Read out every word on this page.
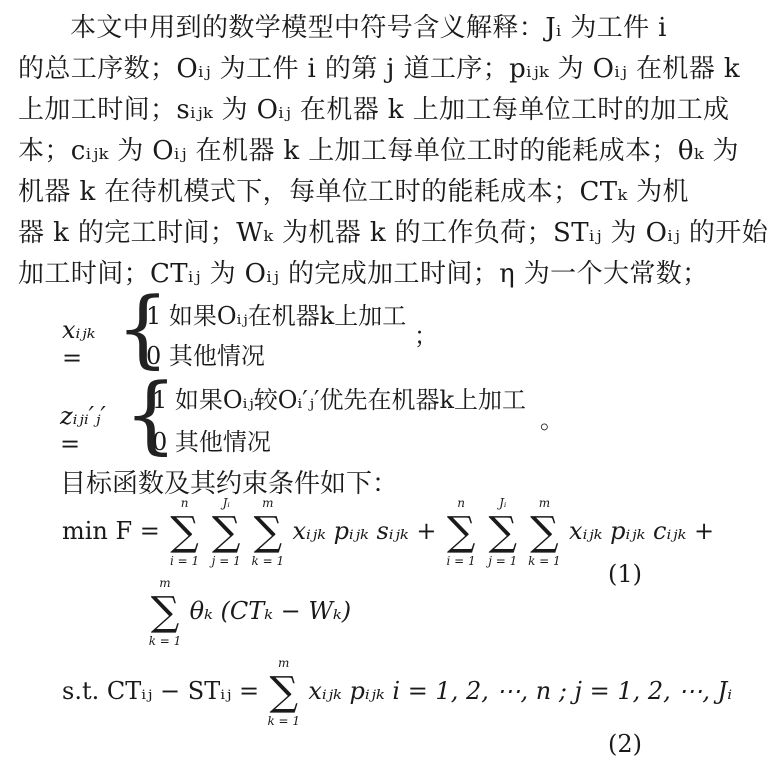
本文中用到的数学模型中符号含义解释：Jᵢ 为工件 i
的总工序数；Oᵢⱼ 为工件 i 的第 j 道工序；pᵢⱼₖ 为 Oᵢⱼ 在机器 k
上加工时间；sᵢⱼₖ 为 Oᵢⱼ 在机器 k 上加工每单位工时的加工成
本；cᵢⱼₖ 为 Oᵢⱼ 在机器 k 上加工每单位工时的能耗成本；θₖ 为
机器 k 在待机模式下，每单位工时的能耗成本；CTₖ 为机
器 k 的完工时间；Wₖ 为机器 k 的工作负荷；STᵢⱼ 为 Oᵢⱼ 的开始
加工时间；CTᵢⱼ 为 Oᵢⱼ 的完成加工时间；η 为一个大常数；
xᵢⱼₖ = {
1 如果Oᵢⱼ在机器k上加工
0 其他情况
；
zᵢⱼᵢ′ⱼ′ = {
1 如果Oᵢⱼ较Oᵢ′ⱼ′优先在机器k上加工
0 其他情况
。
目标函数及其约束条件如下：
min F =
n
∑
i = 1

Jᵢ
∑
j = 1

m
∑
k = 1
xᵢⱼₖ pᵢⱼₖ sᵢⱼₖ +
n
∑
i = 1

Jᵢ
∑
j = 1

m
∑
k = 1
xᵢⱼₖ pᵢⱼₖ cᵢⱼₖ +
m
∑
k = 1
θₖ (CTₖ − Wₖ)
(1)
s.t. CTᵢⱼ − STᵢⱼ =
m
∑
k = 1
xᵢⱼₖ pᵢⱼₖ i = 1, 2, ⋯, n ; j = 1, 2, ⋯, Jᵢ
(2)
